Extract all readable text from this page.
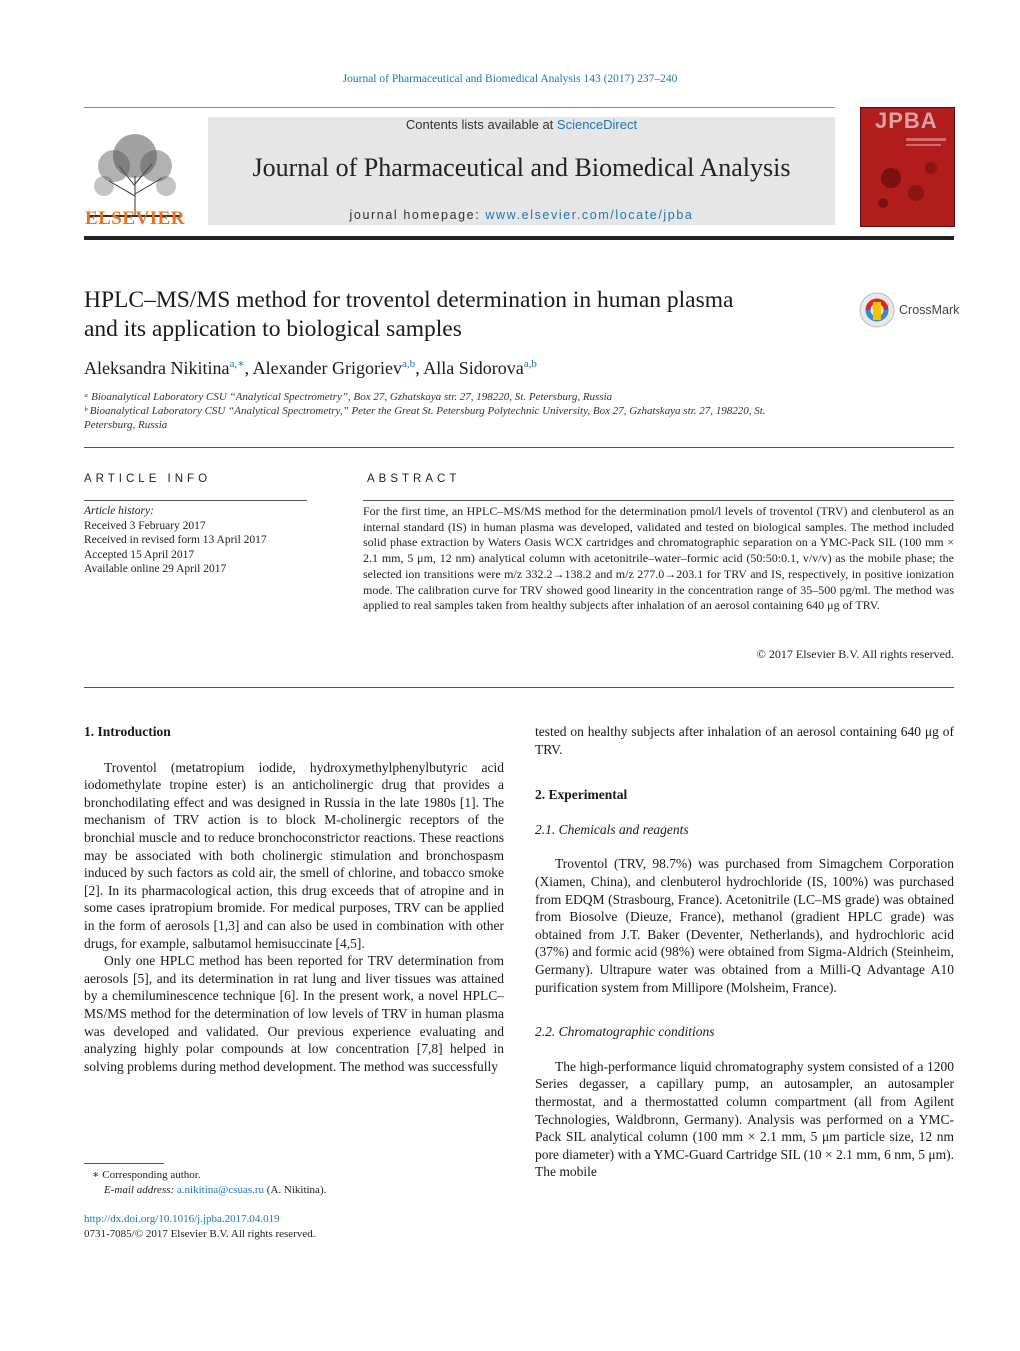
Journal of Pharmaceutical and Biomedical Analysis 143 (2017) 237–240
ELSEVIER
Contents lists available at ScienceDirect
Journal of Pharmaceutical and Biomedical Analysis
journal homepage: www.elsevier.com/locate/jpba
JPBA
HPLC–MS/MS method for troventol determination in human plasma
and its application to biological samples
CrossMark
Aleksandra Nikitina$^{a,∗}$, Alexander Grigoriev$^{a,b}$, Alla Sidorova$^{a,b}$
ᵃ Bioanalytical Laboratory CSU “Analytical Spectrometry”, Box 27, Gzhatskaya str. 27, 198220, St. Petersburg, Russia
ᵇ Bioanalytical Laboratory CSU “Analytical Spectrometry,” Peter the Great St. Petersburg Polytechnic University, Box 27, Gzhatskaya str. 27, 198220, St.
Petersburg, Russia
ARTICLE INFO
Article history:
Received 3 February 2017
Received in revised form 13 April 2017
Accepted 15 April 2017
Available online 29 April 2017
ABSTRACT
For the first time, an HPLC–MS/MS method for the determination pmol/l levels of troventol (TRV) and clenbuterol as an internal standard (IS) in human plasma was developed, validated and tested on biological samples. The method included solid phase extraction by Waters Oasis WCX cartridges and chromatographic separation on a YMC-Pack SIL (100 mm × 2.1 mm, 5 μm, 12 nm) analytical column with acetonitrile–water–formic acid (50:50:0.1, v/v/v) as the mobile phase; the selected ion transitions were m/z 332.2→138.2 and m/z 277.0→203.1 for TRV and IS, respectively, in positive ionization mode. The calibration curve for TRV showed good linearity in the concentration range of 35–500 pg/ml. The method was applied to real samples taken from healthy subjects after inhalation of an aerosol containing 640 μg of TRV.
© 2017 Elsevier B.V. All rights reserved.
1. Introduction

Troventol (metatropium iodide, hydroxymethylphenylbutyric acid iodomethylate tropine ester) is an anticholinergic drug that provides a bronchodilating effect and was designed in Russia in the late 1980s [1]. The mechanism of TRV action is to block M-cholinergic receptors of the bronchial muscle and to reduce bronchoconstrictor reactions. These reactions may be associated with both cholinergic stimulation and bronchospasm induced by such factors as cold air, the smell of chlorine, and tobacco smoke [2]. In its pharmacological action, this drug exceeds that of atropine and in some cases ipratropium bromide. For medical purposes, TRV can be applied in the form of aerosols [1,3] and can also be used in combination with other drugs, for example, salbutamol hemisuccinate [4,5].

Only one HPLC method has been reported for TRV determination from aerosols [5], and its determination in rat lung and liver tissues was attained by a chemiluminescence technique [6]. In the present work, a novel HPLC–MS/MS method for the determination of low levels of TRV in human plasma was developed and validated. Our previous experience evaluating and analyzing highly polar compounds at low concentration [7,8] helped in solving problems during method development. The method was successfully

tested on healthy subjects after inhalation of an aerosol containing 640 μg of TRV.
2. Experimental
2.1. Chemicals and reagents

Troventol (TRV, 98.7%) was purchased from Simagchem Corporation (Xiamen, China), and clenbuterol hydrochloride (IS, 100%) was purchased from EDQM (Strasbourg, France). Acetonitrile (LC–MS grade) was obtained from Biosolve (Dieuze, France), methanol (gradient HPLC grade) was obtained from J.T. Baker (Deventer, Netherlands), and hydrochloric acid (37%) and formic acid (98%) were obtained from Sigma-Aldrich (Steinheim, Germany). Ultrapure water was obtained from a Milli-Q Advantage A10 purification system from Millipore (Molsheim, France).

2.2. Chromatographic conditions

The high-performance liquid chromatography system consisted of a 1200 Series degasser, a capillary pump, an autosampler, an autosampler thermostat, and a thermostatted column compartment (all from Agilent Technologies, Waldbronn, Germany). Analysis was performed on a YMC-Pack SIL analytical column (100 mm × 2.1 mm, 5 μm particle size, 12 nm pore diameter) with a YMC-Guard Cartridge SIL (10 × 2.1 mm, 6 nm, 5 μm). The mobile

∗ Corresponding author.
E-mail address: a.nikitina@csuas.ru (A. Nikitina).
http://dx.doi.org/10.1016/j.jpba.2017.04.019
0731-7085/© 2017 Elsevier B.V. All rights reserved.
